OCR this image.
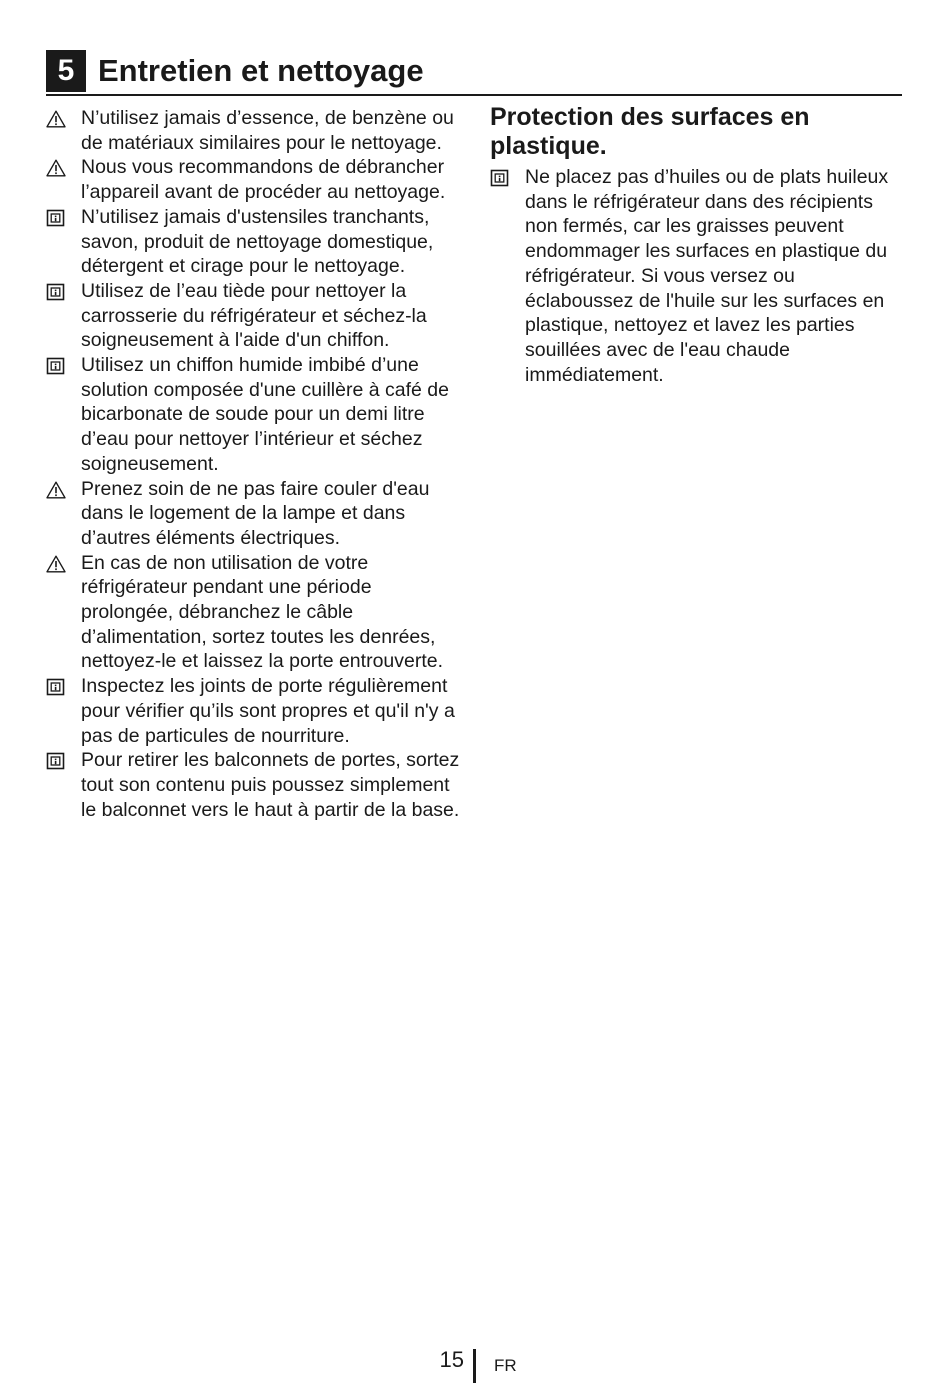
5 Entretien et nettoyage
N’utilisez jamais d’essence, de benzène ou de matériaux similaires pour le nettoyage.
Nous vous recommandons de débrancher l’appareil avant de procéder au nettoyage.
N’utilisez jamais d'ustensiles tranchants, savon, produit de nettoyage domestique, détergent et cirage pour le nettoyage.
Utilisez de l’eau tiède pour nettoyer la carrosserie du réfrigérateur et séchez-la soigneusement à l'aide d'un chiffon.
Utilisez un chiffon humide imbibé d’une solution composée d'une cuillère à café de bicarbonate de soude pour un demi litre d’eau pour nettoyer l’intérieur et séchez soigneusement.
Prenez soin de ne pas faire couler d'eau dans le logement de la lampe et dans d’autres éléments électriques.
En cas de non utilisation de votre réfrigérateur pendant une période prolongée, débranchez le câble d’alimentation, sortez toutes les denrées, nettoyez-le et laissez la porte entrouverte.
Inspectez les joints de porte régulièrement pour vérifier qu’ils sont propres et qu'il n'y a pas de particules de nourriture.
Pour retirer les balconnets de portes, sortez tout son contenu puis poussez simplement le balconnet vers le haut à partir de la base.
Protection des surfaces en plastique.
Ne placez pas d’huiles ou de plats huileux dans le réfrigérateur dans des récipients non fermés, car les graisses peuvent endommager les surfaces en plastique du réfrigérateur. Si vous versez ou éclaboussez de l'huile sur les surfaces en plastique, nettoyez et lavez les parties souillées avec de l'eau chaude immédiatement.
15 FR
